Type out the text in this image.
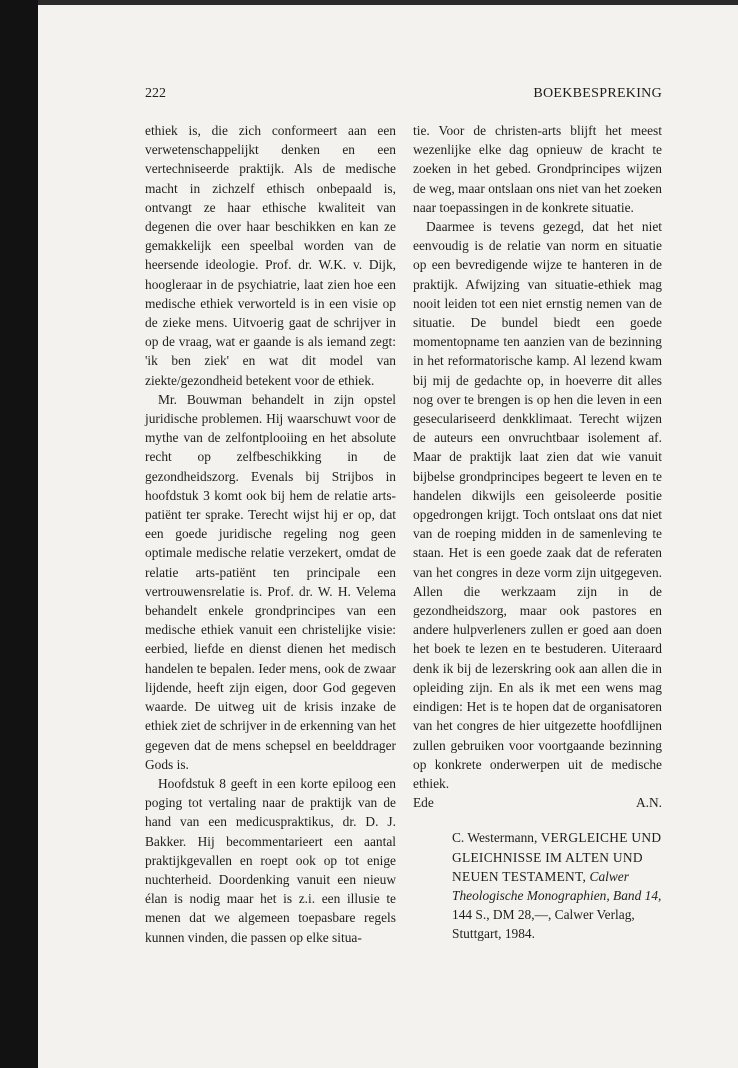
222	BOEKBESPREKING

ethiek is, die zich conformeert aan een verwetenschappelijkt denken en een vertechniseerde praktijk. Als de medische macht in zichzelf ethisch onbepaald is, ontvangt ze haar ethische kwaliteit van degenen die over haar beschikken en kan ze gemakkelijk een speelbal worden van de heersende ideologie. Prof. dr. W.K. v. Dijk, hoogleraar in de psychiatrie, laat zien hoe een medische ethiek verworteld is in een visie op de zieke mens. Uitvoerig gaat de schrijver in op de vraag, wat er gaande is als iemand zegt: 'ik ben ziek' en wat dit model van ziekte/gezondheid betekent voor de ethiek.

Mr. Bouwman behandelt in zijn opstel juridische problemen. Hij waarschuwt voor de mythe van de zelfontplooiing en het absolute recht op zelfbeschikking in de gezondheidszorg. Evenals bij Strijbos in hoofdstuk 3 komt ook bij hem de relatie arts-patiënt ter sprake. Terecht wijst hij er op, dat een goede juridische regeling nog geen optimale medische relatie verzekert, omdat de relatie arts-patiënt ten principale een vertrouwensrelatie is. Prof. dr. W. H. Velema behandelt enkele grondprincipes van een medische ethiek vanuit een christelijke visie: eerbied, liefde en dienst dienen het medisch handelen te bepalen. Ieder mens, ook de zwaar lijdende, heeft zijn eigen, door God gegeven waarde. De uitweg uit de krisis inzake de ethiek ziet de schrijver in de erkenning van het gegeven dat de mens schepsel en beelddrager Gods is.

Hoofdstuk 8 geeft in een korte epiloog een poging tot vertaling naar de praktijk van de hand van een medicuspraktikus, dr. D. J. Bakker. Hij becommentarieert een aantal praktijkgevallen en roept ook op tot enige nuchterheid. Doordenking vanuit een nieuw élan is nodig maar het is z.i. een illusie te menen dat we algemeen toepasbare regels kunnen vinden, die passen op elke situa-

tie. Voor de christen-arts blijft het meest wezenlijke elke dag opnieuw de kracht te zoeken in het gebed. Grondprincipes wijzen de weg, maar ontslaan ons niet van het zoeken naar toepassingen in de konkrete situatie.

Daarmee is tevens gezegd, dat het niet eenvoudig is de relatie van norm en situatie op een bevredigende wijze te hanteren in de praktijk. Afwijzing van situatie-ethiek mag nooit leiden tot een niet ernstig nemen van de situatie. De bundel biedt een goede momentopname ten aanzien van de bezinning in het reformatorische kamp. Al lezend kwam bij mij de gedachte op, in hoeverre dit alles nog over te brengen is op hen die leven in een geseculariseerd denkklimaat. Terecht wijzen de auteurs een onvruchtbaar isolement af. Maar de praktijk laat zien dat wie vanuit bijbelse grondprincipes begeert te leven en te handelen dikwijls een geisoleerde positie opgedrongen krijgt. Toch ontslaat ons dat niet van de roeping midden in de samenleving te staan. Het is een goede zaak dat de referaten van het congres in deze vorm zijn uitgegeven. Allen die werkzaam zijn in de gezondheidszorg, maar ook pastores en andere hulpverleners zullen er goed aan doen het boek te lezen en te bestuderen. Uiteraard denk ik bij de lezerskring ook aan allen die in opleiding zijn. En als ik met een wens mag eindigen: Het is te hopen dat de organisatoren van het congres de hier uitgezette hoofdlijnen zullen gebruiken voor voortgaande bezinning op konkrete onderwerpen uit de medische ethiek.

Ede	A.N.
C. Westermann, VERGLEICHE UND GLEICHNISSE IM ALTEN UND NEUEN TESTAMENT, Calwer Theologische Monographien, Band 14, 144 S., DM 28,—, Calwer Verlag, Stuttgart, 1984.
